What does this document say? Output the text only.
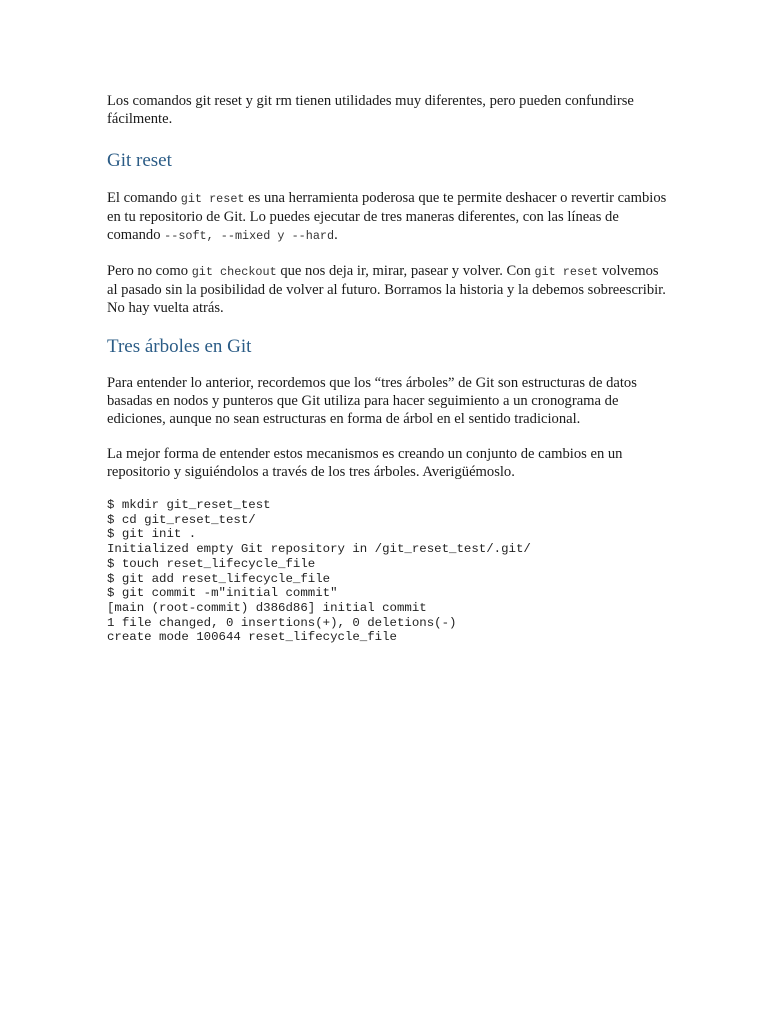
Los comandos git reset y git rm tienen utilidades muy diferentes, pero pueden confundirse fácilmente.

Git reset

El comando git reset es una herramienta poderosa que te permite deshacer o revertir cambios en tu repositorio de Git. Lo puedes ejecutar de tres maneras diferentes, con las líneas de comando --soft, --mixed y --hard.

Pero no como git checkout que nos deja ir, mirar, pasear y volver. Con git reset volvemos al pasado sin la posibilidad de volver al futuro. Borramos la historia y la debemos sobreescribir. No hay vuelta atrás.

Tres árboles en Git

Para entender lo anterior, recordemos que los “tres árboles” de Git son estructuras de datos basadas en nodos y punteros que Git utiliza para hacer seguimiento a un cronograma de ediciones, aunque no sean estructuras en forma de árbol en el sentido tradicional.

La mejor forma de entender estos mecanismos es creando un conjunto de cambios en un repositorio y siguiéndolos a través de los tres árboles. Averigüémoslo.

$ mkdir git_reset_test
$ cd git_reset_test/
$ git init .
Initialized empty Git repository in /git_reset_test/.git/
$ touch reset_lifecycle_file
$ git add reset_lifecycle_file
$ git commit -m"initial commit"
[main (root-commit) d386d86] initial commit
1 file changed, 0 insertions(+), 0 deletions(-)
create mode 100644 reset_lifecycle_file
